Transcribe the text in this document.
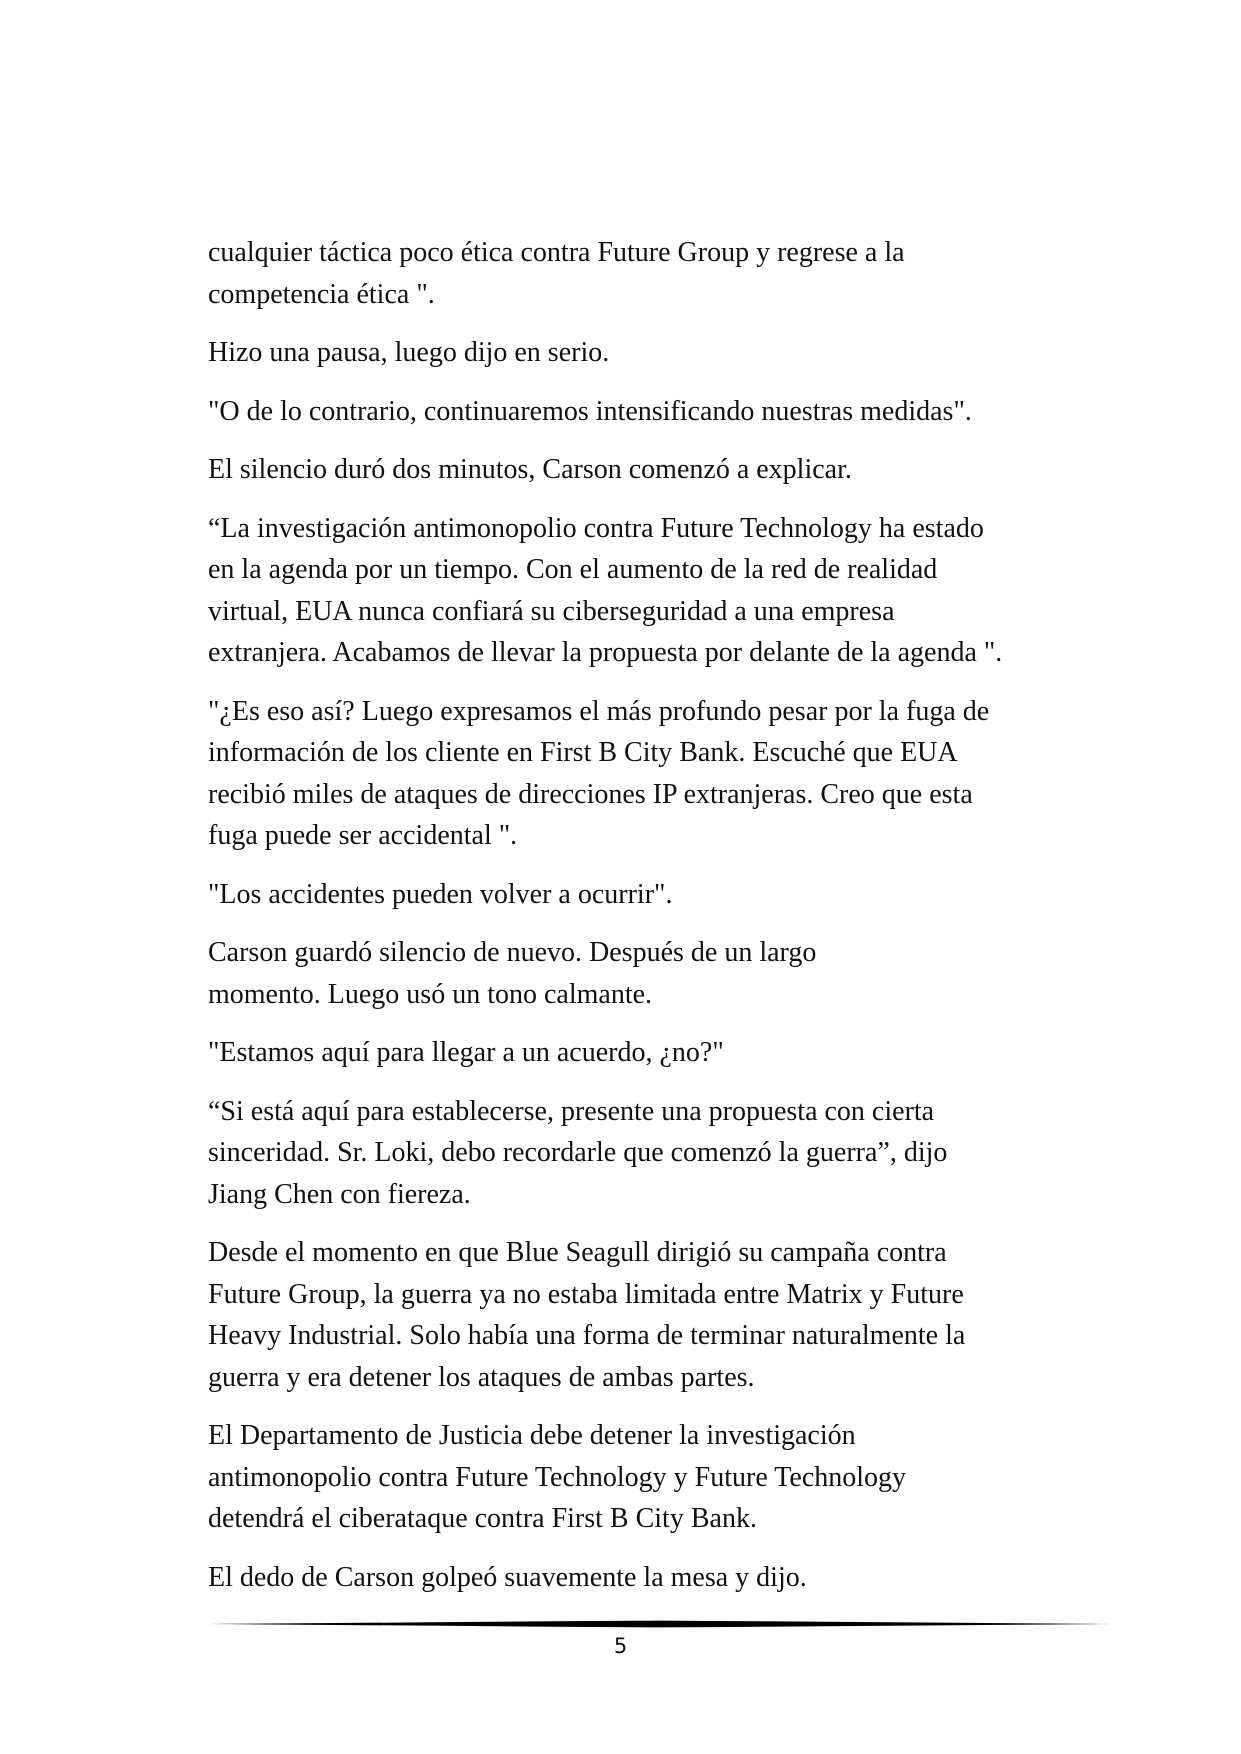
cualquier táctica poco ética contra Future Group y regrese a la
competencia ética ".

Hizo una pausa, luego dijo en serio.

"O de lo contrario, continuaremos intensificando nuestras medidas".

El silencio duró dos minutos, Carson comenzó a explicar.

“La investigación antimonopolio contra Future Technology ha estado
en la agenda por un tiempo. Con el aumento de la red de realidad
virtual, EUA nunca confiará su ciberseguridad a una empresa
extranjera. Acabamos de llevar la propuesta por delante de la agenda ".

"¿Es eso así? Luego expresamos el más profundo pesar por la fuga de
información de los cliente en First B City Bank. Escuché que EUA
recibió miles de ataques de direcciones IP extranjeras. Creo que esta
fuga puede ser accidental ".

"Los accidentes pueden volver a ocurrir".

Carson guardó silencio de nuevo. Después de un largo
momento. Luego usó un tono calmante.

"Estamos aquí para llegar a un acuerdo, ¿no?"

“Si está aquí para establecerse, presente una propuesta con cierta
sinceridad. Sr. Loki, debo recordarle que comenzó la guerra”, dijo
Jiang Chen con fiereza.

Desde el momento en que Blue Seagull dirigió su campaña contra
Future Group, la guerra ya no estaba limitada entre Matrix y Future
Heavy Industrial. Solo había una forma de terminar naturalmente la
guerra y era detener los ataques de ambas partes.

El Departamento de Justicia debe detener la investigación
antimonopolio contra Future Technology y Future Technology
detendrá el ciberataque contra First B City Bank.

El dedo de Carson golpeó suavemente la mesa y dijo.

5
